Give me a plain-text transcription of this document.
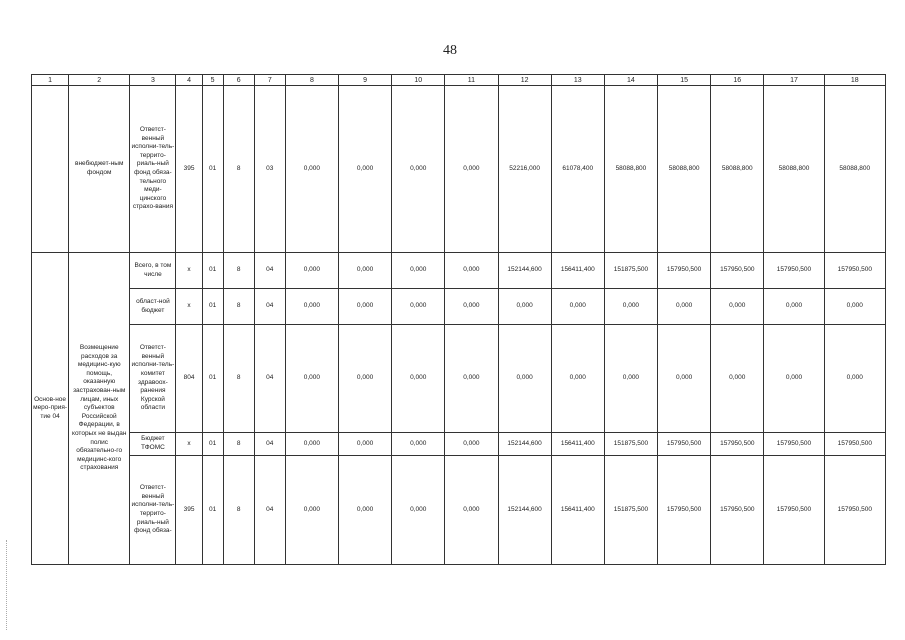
48
1	2	3	4	5	6	7	8	9	10	11	12	13	14	15	16	17	18
	внебюджет-ным фондом	Ответст-венный исполни-тель-террито-риаль-ный фонд обяза-тельного меди-цинского страхо-вания	395	01	8	03	0,000	0,000	0,000	0,000	52216,000	61078,400	58088,800	58088,800	58088,800	58088,800	58088,800
Основ-ное меро-прия-тие 04	Возмещение расходов за медицинс-кую помощь, оказанную застрахован-ным лицам, иных субъектов Российской Федерации, в которых не выдан полис обязательно-го медицинс-кого страхования	Всего, в том числе	x	01	8	04	0,000	0,000	0,000	0,000	152144,600	156411,400	151875,500	157950,500	157950,500	157950,500	157950,500
		област-ной бюджет	x	01	8	04	0,000	0,000	0,000	0,000	0,000	0,000	0,000	0,000	0,000	0,000	0,000
		Ответст-венный исполни-тель-комитет здравоох-ранения Курской области	804	01	8	04	0,000	0,000	0,000	0,000	0,000	0,000	0,000	0,000	0,000	0,000	0,000
		Бюджет ТФОМС	x	01	8	04	0,000	0,000	0,000	0,000	152144,600	156411,400	151875,500	157950,500	157950,500	157950,500	157950,500
		Ответст-венный исполни-тель-террито-риаль-ный фонд обяза-	395	01	8	04	0,000	0,000	0,000	0,000	152144,600	156411,400	151875,500	157950,500	157950,500	157950,500	157950,500
